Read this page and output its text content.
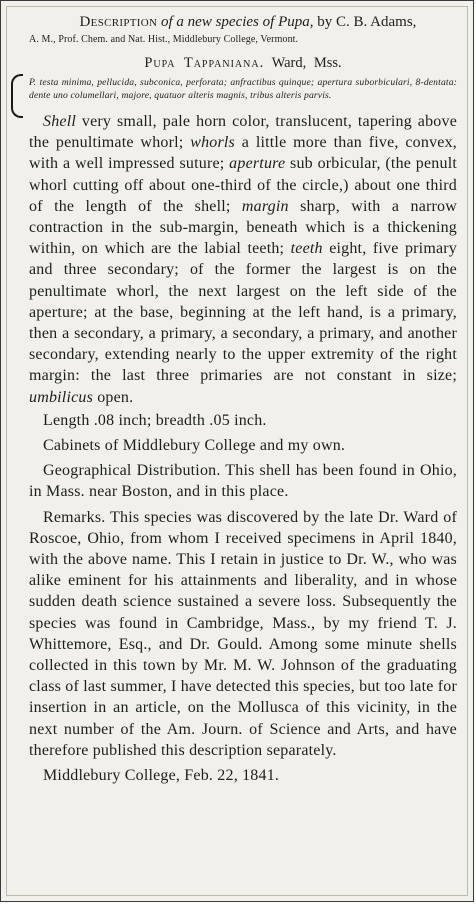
Description of a new species of Pupa, by C. B. Adams,

A. M., Prof. Chem. and Nat. Hist., Middlebury College, Vermont.

Pupa Tappaniana. Ward, Mss.

P. testa minima, pellucida, subconica, perforata; anfractibus quinque; apertura suborbiculari, 8-dentata: dente uno columellari, majore, quatuor alteris magnis, tribus alteris parvis.

Shell very small, pale horn color, translucent, tapering above the penultimate whorl; whorls a little more than five, convex, with a well impressed suture; aperture sub orbicular, (the penult whorl cutting off about one-third of the circle,) about one third of the length of the shell; margin sharp, with a narrow contraction in the sub-margin, beneath which is a thickening within, on which are the labial teeth; teeth eight, five primary and three secondary; of the former the largest is on the penultimate whorl, the next largest on the left side of the aperture; at the base, beginning at the left hand, is a primary, then a secondary, a primary, a secondary, a primary, and another secondary, extending nearly to the upper extremity of the right margin: the last three primaries are not constant in size; umbilicus open.

Length .08 inch; breadth .05 inch.

Cabinets of Middlebury College and my own.

Geographical Distribution. This shell has been found in Ohio, in Mass. near Boston, and in this place.

Remarks. This species was discovered by the late Dr. Ward of Roscoe, Ohio, from whom I received specimens in April 1840, with the above name. This I retain in justice to Dr. W., who was alike eminent for his attainments and liberality, and in whose sudden death science sustained a severe loss. Subsequently the species was found in Cambridge, Mass., by my friend T. J. Whittemore, Esq., and Dr. Gould. Among some minute shells collected in this town by Mr. M. W. Johnson of the graduating class of last summer, I have detected this species, but too late for insertion in an article, on the Mollusca of this vicinity, in the next number of the Am. Journ. of Science and Arts, and have therefore published this description separately.

Middlebury College, Feb. 22, 1841.
